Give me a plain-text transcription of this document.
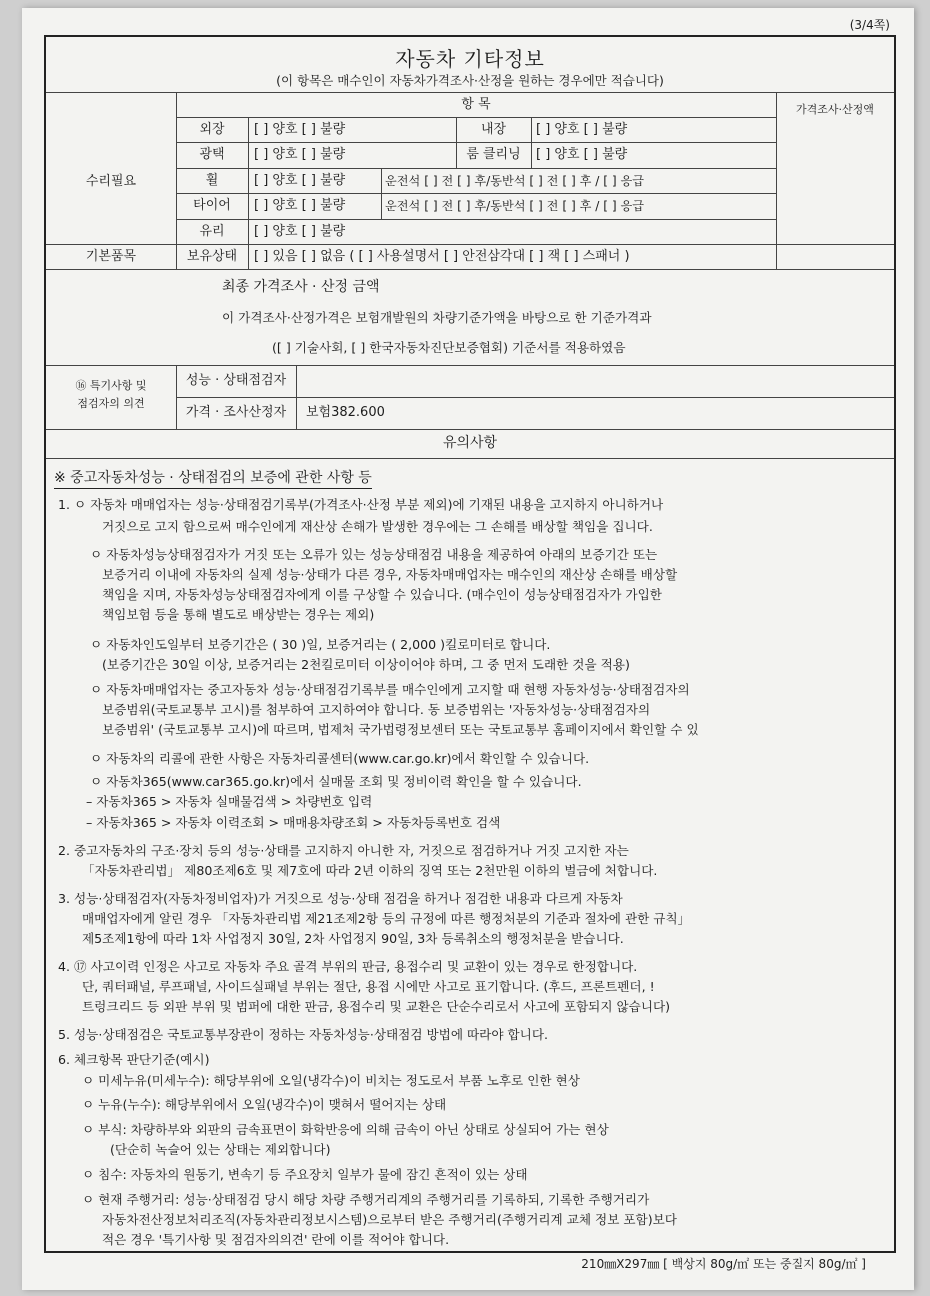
(3/4쪽)
자동차 기타정보
(이 항목은 매수인이 자동차가격조사·산정을 원하는 경우에만 적습니다)
항 목	가격조사·산정액
수리필요
외장	[ ] 양호 [ ] 불량	내장	[ ] 양호 [ ] 불량
광택	[ ] 양호 [ ] 불량	룸 클리닝	[ ] 양호 [ ] 불량
휠	[ ] 양호 [ ] 불량	운전석 [ ] 전 [ ] 후/동반석 [ ] 전 [ ] 후 / [ ] 응급
타이어	[ ] 양호 [ ] 불량	운전석 [ ] 전 [ ] 후/동반석 [ ] 전 [ ] 후 / [ ] 응급
유리	[ ] 양호 [ ] 불량
기본품목	보유상태	[ ] 있음 [ ] 없음 ( [ ] 사용설명서 [ ] 안전삼각대 [ ] 잭 [ ] 스패너 )
최종 가격조사 · 산정 금액
이 가격조사·산정가격은 보험개발원의 차량기준가액을 바탕으로 한 기준가격과
([ ] 기술사회, [ ] 한국자동차진단보증협회) 기준서를 적용하였음
⑯ 특기사항 및
점검자의 의견
성능 · 상태점검자
가격 · 조사산정자	보험382.600
유의사항
※ 중고자동차성능 · 상태점검의 보증에 관한 사항 등
1. ㅇ 자동차 매매업자는 성능·상태점검기록부(가격조사·산정 부분 제외)에 기재된 내용을 고지하지 아니하거나
거짓으로 고지 함으로써 매수인에게 재산상 손해가 발생한 경우에는 그 손해를 배상할 책임을 집니다.
ㅇ 자동차성능상태점검자가 거짓 또는 오류가 있는 성능상태점검 내용을 제공하여 아래의 보증기간 또는
보증거리 이내에 자동차의 실제 성능·상태가 다른 경우, 자동차매매업자는 매수인의 재산상 손해를 배상할
책임을 지며, 자동차성능상태점검자에게 이를 구상할 수 있습니다. (매수인이 성능상태점검자가 가입한
책임보험 등을 통해 별도로 배상받는 경우는 제외)
ㅇ 자동차인도일부터 보증기간은 ( 30 )일, 보증거리는 ( 2,000 )킬로미터로 합니다.
(보증기간은 30일 이상, 보증거리는 2천킬로미터 이상이어야 하며, 그 중 먼저 도래한 것을 적용)
ㅇ 자동차매매업자는 중고자동차 성능·상태점검기록부를 매수인에게 고지할 때 현행 자동차성능·상태점검자의
보증범위(국토교통부 고시)를 첨부하여 고지하여야 합니다. 동 보증범위는 '자동차성능·상태점검자의
보증범위' (국토교통부 고시)에 따르며, 법제처 국가법령정보센터 또는 국토교통부 홈페이지에서 확인할 수 있
ㅇ 자동차의 리콜에 관한 사항은 자동차리콜센터(www.car.go.kr)에서 확인할 수 있습니다.
ㅇ 자동차365(www.car365.go.kr)에서 실매물 조회 및 정비이력 확인을 할 수 있습니다.
– 자동차365 > 자동차 실매물검색 > 차량번호 입력
– 자동차365 > 자동차 이력조회 > 매매용차량조회 > 자동차등록번호 검색
2. 중고자동차의 구조·장치 등의 성능·상태를 고지하지 아니한 자, 거짓으로 점검하거나 거짓 고지한 자는
「자동차관리법」 제80조제6호 및 제7호에 따라 2년 이하의 징역 또는 2천만원 이하의 벌금에 처합니다.
3. 성능·상태점검자(자동차정비업자)가 거짓으로 성능·상태 점검을 하거나 점검한 내용과 다르게 자동차
매매업자에게 알린 경우 「자동차관리법 제21조제2항 등의 규정에 따른 행정처분의 기준과 절차에 관한 규칙」
제5조제1항에 따라 1차 사업정지 30일, 2차 사업정지 90일, 3차 등록취소의 행정처분을 받습니다.
4. ⑰ 사고이력 인정은 사고로 자동차 주요 골격 부위의 판금, 용접수리 및 교환이 있는 경우로 한정합니다.
단, 쿼터패널, 루프패널, 사이드실패널 부위는 절단, 용접 시에만 사고로 표기합니다. (후드, 프론트펜더, !
트렁크리드 등 외판 부위 및 범퍼에 대한 판금, 용접수리 및 교환은 단순수리로서 사고에 포함되지 않습니다)
5. 성능·상태점검은 국토교통부장관이 정하는 자동차성능·상태점검 방법에 따라야 합니다.
6. 체크항목 판단기준(예시)
ㅇ 미세누유(미세누수): 해당부위에 오일(냉각수)이 비치는 정도로서 부품 노후로 인한 현상
ㅇ 누유(누수): 해당부위에서 오일(냉각수)이 맺혀서 떨어지는 상태
ㅇ 부식: 차량하부와 외판의 금속표면이 화학반응에 의해 금속이 아닌 상태로 상실되어 가는 현상
(단순히 녹슬어 있는 상태는 제외합니다)
ㅇ 침수: 자동차의 원동기, 변속기 등 주요장치 일부가 물에 잠긴 흔적이 있는 상태
ㅇ 현재 주행거리: 성능·상태점검 당시 해당 차량 주행거리계의 주행거리를 기록하되, 기록한 주행거리가
자동차전산정보처리조직(자동차관리정보시스템)으로부터 받은 주행거리(주행거리계 교체 정보 포함)보다
적은 경우 '특기사항 및 점검자의의견' 란에 이를 적어야 합니다.
210㎜X297㎜ [ 백상지 80g/㎡ 또는 중질지 80g/㎡ ]
